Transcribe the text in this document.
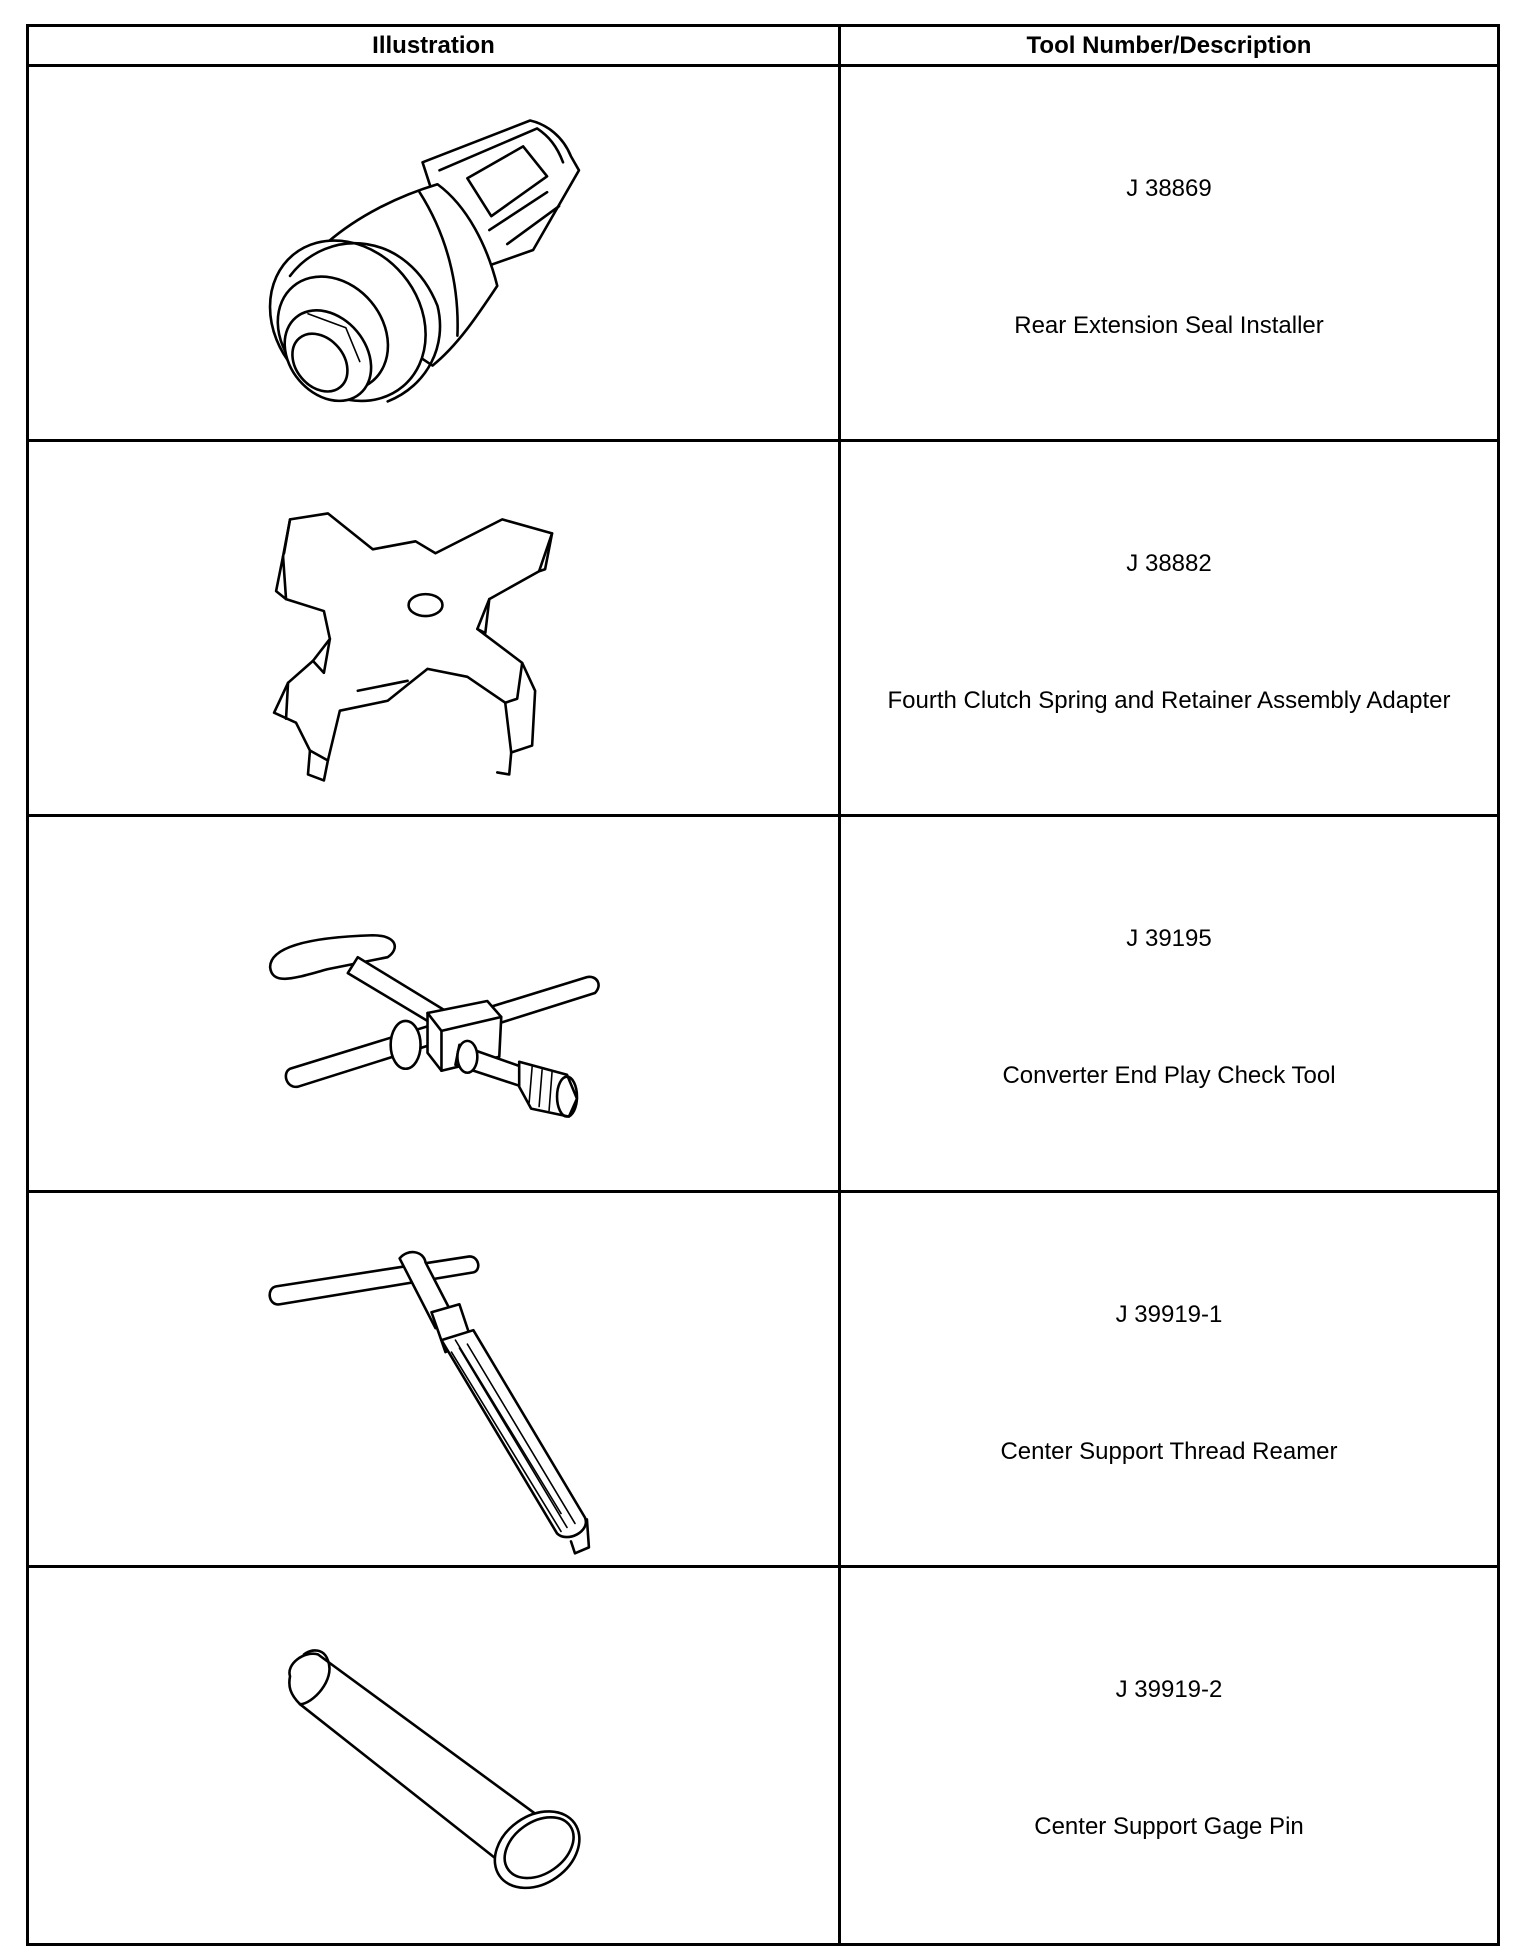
Illustration	Tool Number/Description
J 38869
Rear Extension Seal Installer
J 38882
Fourth Clutch Spring and Retainer Assembly Adapter
J 39195
Converter End Play Check Tool
J 39919-1
Center Support Thread Reamer
J 39919-2
Center Support Gage Pin
